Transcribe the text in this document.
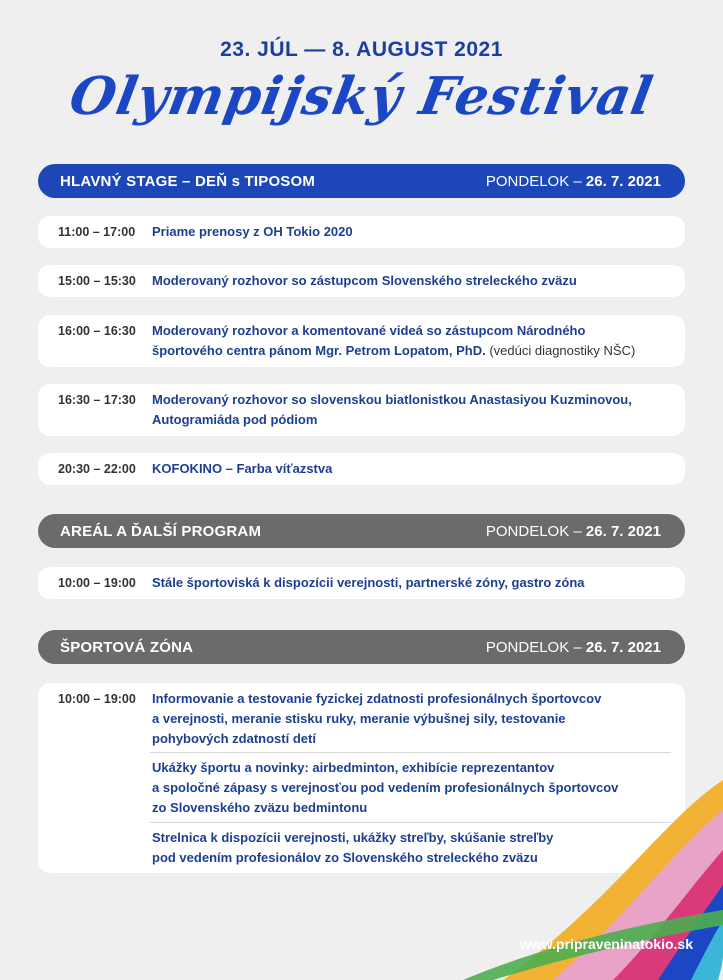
23. JÚL — 8. AUGUST 2021
Olympijský Festival
HLAVNÝ STAGE – DEŇ s TIPOSOM	PONDELOK – 26. 7. 2021
11:00 – 17:00 Priame prenosy z OH Tokio 2020
15:00 – 15:30 Moderovaný rozhovor so zástupcom Slovenského streleckého zväzu
16:00 – 16:30 Moderovaný rozhovor a komentované videá so zástupcom Národného
športového centra pánom Mgr. Petrom Lopatom, PhD. (vedúci diagnostiky NŠC)
16:30 – 17:30 Moderovaný rozhovor so slovenskou biatlonistkou Anastasiyou Kuzminovou,
Autogramiáda pod pódiom
20:30 – 22:00 KOFOKINO – Farba víťazstva
AREÁL A ĎALŠÍ PROGRAM	PONDELOK – 26. 7. 2021
10:00 – 19:00 Stále športoviská k dispozícii verejnosti, partnerské zóny, gastro zóna
ŠPORTOVÁ ZÓNA	PONDELOK – 26. 7. 2021
10:00 – 19:00 Informovanie a testovanie fyzickej zdatnosti profesionálnych športovcov
a verejnosti, meranie stisku ruky, meranie výbušnej sily, testovanie
pohybových zdatností detí
Ukážky športu a novinky: airbedminton, exhibície reprezentantov
a spoločné zápasy s verejnosťou pod vedením profesionálnych športovcov
zo Slovenského zväzu bedmintonu
Strelnica k dispozícii verejnosti, ukážky streľby, skúšanie streľby
pod vedením profesionálov zo Slovenského streleckého zväzu
www.pripraveninatokio.sk
